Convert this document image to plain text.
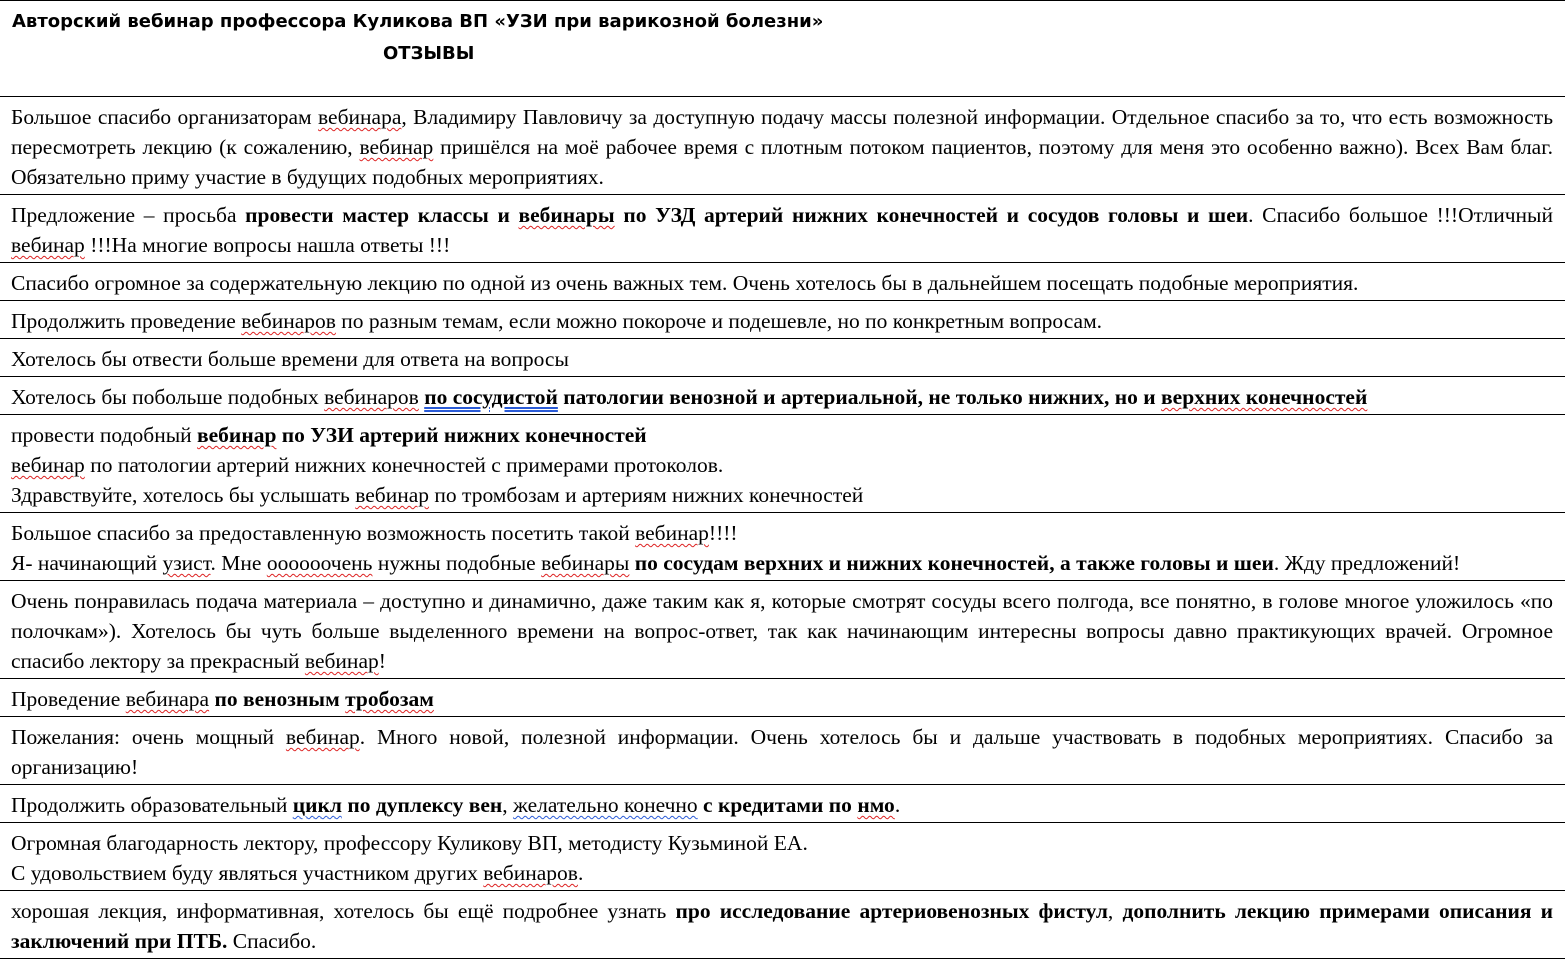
Авторский вебинар профессора Куликова ВП «УЗИ при варикозной болезни»
ОТЗЫВЫ

Большое спасибо организаторам вебинара, Владимиру Павловичу за доступную подачу массы полезной информации. Отдельное спасибо за то, что есть возможность пересмотреть лекцию (к сожалению, вебинар пришёлся на моё рабочее время с плотным потоком пациентов, поэтому для меня это особенно важно). Всех Вам благ. Обязательно приму участие в будущих подобных мероприятиях.

Предложение – просьба провести мастер классы и вебинары по УЗД артерий нижних конечностей и сосудов головы и шеи. Спасибо большое !!!Отличный вебинар !!!На многие вопросы нашла ответы !!!

Спасибо огромное за содержательную лекцию по одной из очень важных тем. Очень хотелось бы в дальнейшем посещать подобные мероприятия.

Продолжить проведение вебинаров по разным темам, если можно покороче и подешевле, но по конкретным вопросам.

Хотелось бы отвести больше времени для ответа на вопросы

Хотелось бы побольше подобных вебинаров по сосудистой патологии венозной и артериальной, не только нижних, но и верхних конечностей

провести подобный вебинар по УЗИ артерий нижних конечностей

вебинар по патологии артерий нижних конечностей с примерами протоколов.

Здравствуйте, хотелось бы услышать вебинар по тромбозам и артериям нижних конечностей

Большое спасибо за предоставленную возможность посетить такой вебинар!!!!

Я- начинающий узист. Мне оооооочень нужны подобные вебинары по сосудам верхних и нижних конечностей, а также головы и шеи. Жду предложений!

Очень понравилась подача материала – доступно и динамично, даже таким как я, которые смотрят сосуды всего полгода, все понятно, в голове многое уложилось «по полочкам»). Хотелось бы чуть больше выделенного времени на вопрос-ответ, так как начинающим интересны вопросы давно практикующих врачей. Огромное спасибо лектору за прекрасный вебинар!

Проведение вебинара по венозным тробозам

Пожелания: очень мощный вебинар. Много новой, полезной информации. Очень хотелось бы и дальше участвовать в подобных мероприятиях. Спасибо за организацию!

Продолжить образовательный цикл по дуплексу вен, желательно конечно с кредитами по нмо.

Огромная благодарность лектору, профессору Куликову ВП, методисту Кузьминой ЕА.

С удовольствием буду являться участником других вебинаров.

хорошая лекция, информативная, хотелось бы ещё подробнее узнать про исследование артериовенозных фистул, дополнить лекцию примерами описания и заключений при ПТБ. Спасибо.
